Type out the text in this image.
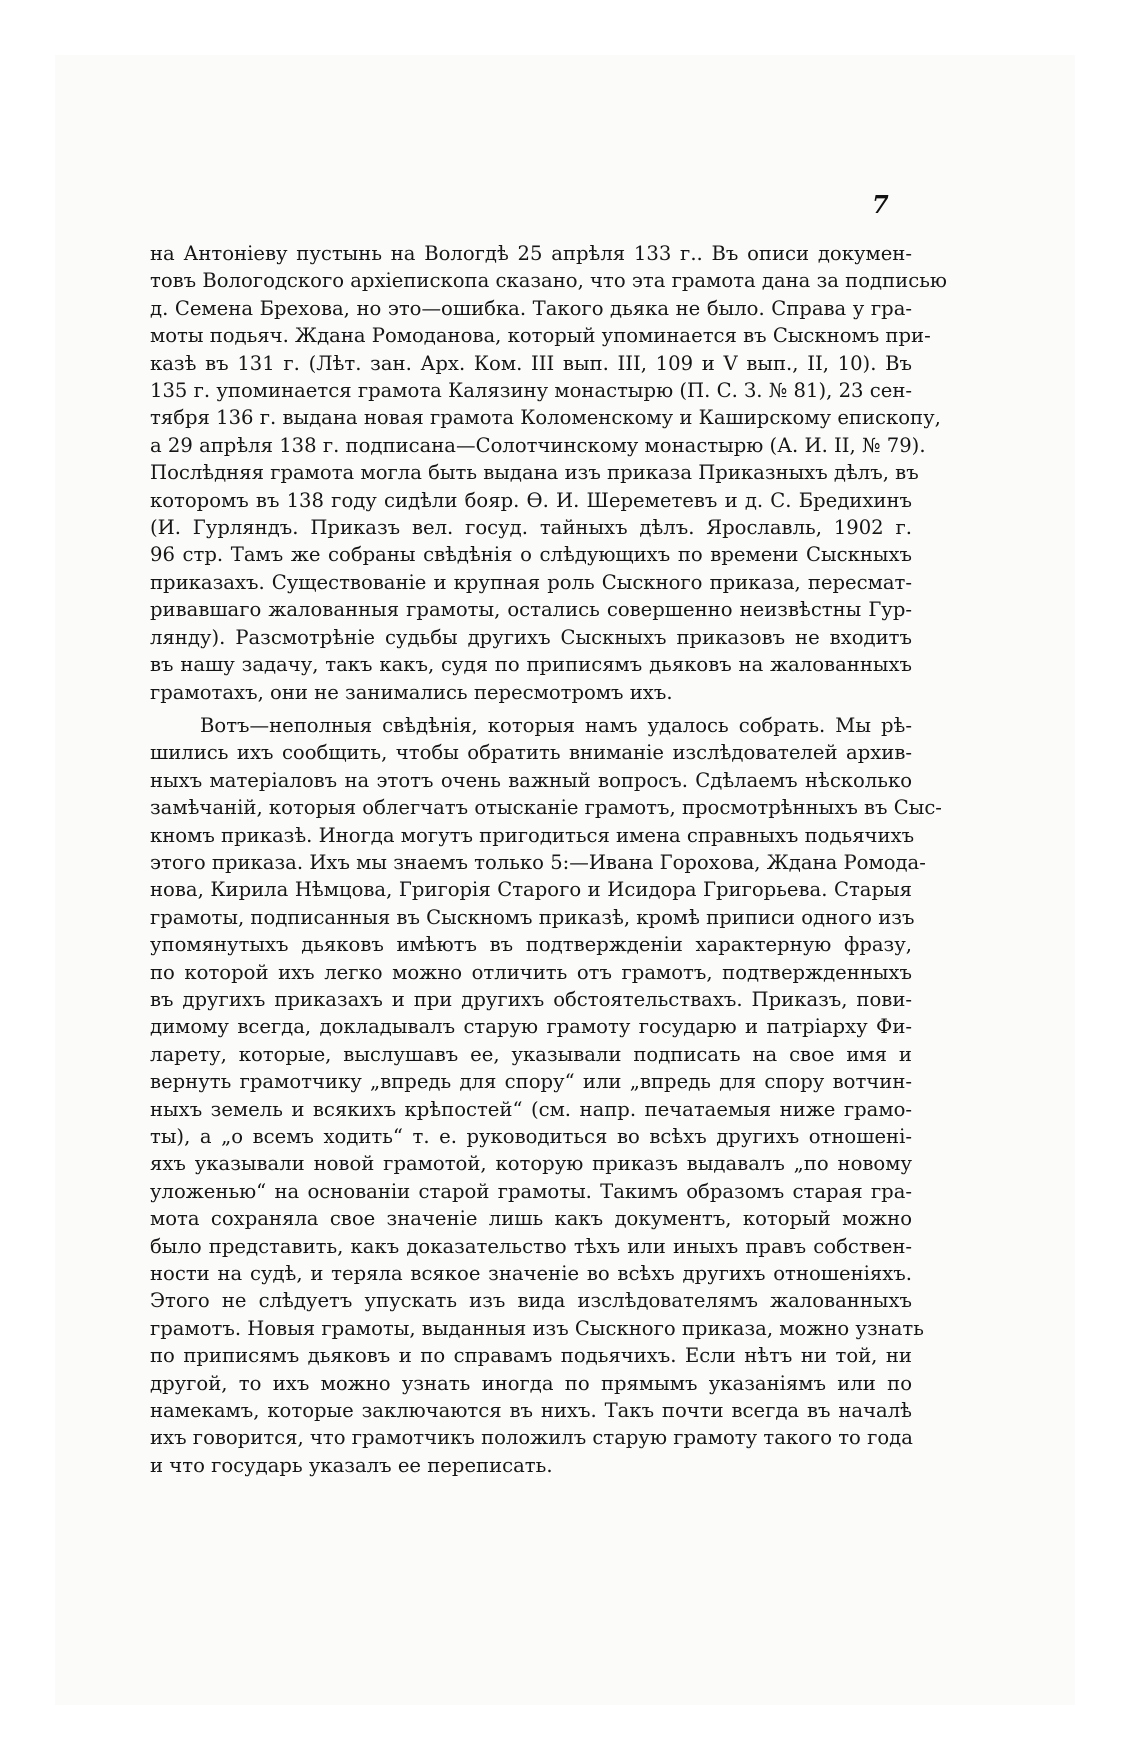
7
на Антоніеву пустынь на Вологдѣ 25 апрѣля 133 г.. Въ описи докумен-
товъ Вологодского архіепископа сказано, что эта грамота дана за подписью
д. Семена Брехова, но это—ошибка. Такого дьяка не было. Справа у гра-
моты подьяч. Ждана Ромоданова, который упоминается въ Сыскномъ при-
казѣ въ 131 г. (Лѣт. зан. Арх. Ком. III вып. III, 109 и V вып., II, 10). Въ
135 г. упоминается грамота Калязину монастырю (П. С. З. № 81), 23 сен-
тября 136 г. выдана новая грамота Коломенскому и Каширскому епископу,
а 29 апрѣля 138 г. подписана—Солотчинскому монастырю (А. И. II, № 79).
Послѣдняя грамота могла быть выдана изъ приказа Приказныхъ дѣлъ, въ
которомъ въ 138 году сидѣли бояр. Ѳ. И. Шереметевъ и д. С. Бредихинъ
(И. Гурляндъ. Приказъ вел. госуд. тайныхъ дѣлъ. Ярославль, 1902 г.
96 стр. Тамъ же собраны свѣдѣнія о слѣдующихъ по времени Сыскныхъ
приказахъ. Существованіе и крупная роль Сыскного приказа, пересмат-
ривавшаго жалованныя грамоты, остались совершенно неизвѣстны Гур-
лянду). Разсмотрѣніе судьбы другихъ Сыскныхъ приказовъ не входитъ
въ нашу задачу, такъ какъ, судя по приписямъ дьяковъ на жалованныхъ
грамотахъ, они не занимались пересмотромъ ихъ.
Вотъ—неполныя свѣдѣнія, которыя намъ удалось собрать. Мы рѣ-
шились ихъ сообщить, чтобы обратить вниманіе изслѣдователей архив-
ныхъ матеріаловъ на этотъ очень важный вопросъ. Сдѣлаемъ нѣсколько
замѣчаній, которыя облегчатъ отысканіе грамотъ, просмотрѣнныхъ въ Сыс-
кномъ приказѣ. Иногда могутъ пригодиться имена справныхъ подьячихъ
этого приказа. Ихъ мы знаемъ только 5:—Ивана Горохова, Ждана Ромода-
нова, Кирила Нѣмцова, Григорія Старого и Исидора Григорьева. Старыя
грамоты, подписанныя въ Сыскномъ приказѣ, кромѣ приписи одного изъ
упомянутыхъ дьяковъ имѣютъ въ подтвержденіи характерную фразу,
по которой ихъ легко можно отличить отъ грамотъ, подтвержденныхъ
въ другихъ приказахъ и при другихъ обстоятельствахъ. Приказъ, пови-
димому всегда, докладывалъ старую грамоту государю и патріарху Фи-
ларету, которые, выслушавъ ее, указывали подписать на свое имя и
вернуть грамотчику „впредь для спору“ или „впредь для спору вотчин-
ныхъ земель и всякихъ крѣпостей“ (см. напр. печатаемыя ниже грамо-
ты), а „о всемъ ходить“ т. е. руководиться во всѣхъ другихъ отношені-
яхъ указывали новой грамотой, которую приказъ выдавалъ „по новому
уложенью“ на основаніи старой грамоты. Такимъ образомъ старая гра-
мота сохраняла свое значеніе лишь какъ документъ, который можно
было представить, какъ доказательство тѣхъ или иныхъ правъ собствен-
ности на судѣ, и теряла всякое значеніе во всѣхъ другихъ отношеніяхъ.
Этого не слѣдуетъ упускать изъ вида изслѣдователямъ жалованныхъ
грамотъ. Новыя грамоты, выданныя изъ Сыскного приказа, можно узнать
по приписямъ дьяковъ и по справамъ подьячихъ. Если нѣтъ ни той, ни
другой, то ихъ можно узнать иногда по прямымъ указаніямъ или по
намекамъ, которые заключаются въ нихъ. Такъ почти всегда въ началѣ
ихъ говорится, что грамотчикъ положилъ старую грамоту такого то года
и что государь указалъ ее переписать.
